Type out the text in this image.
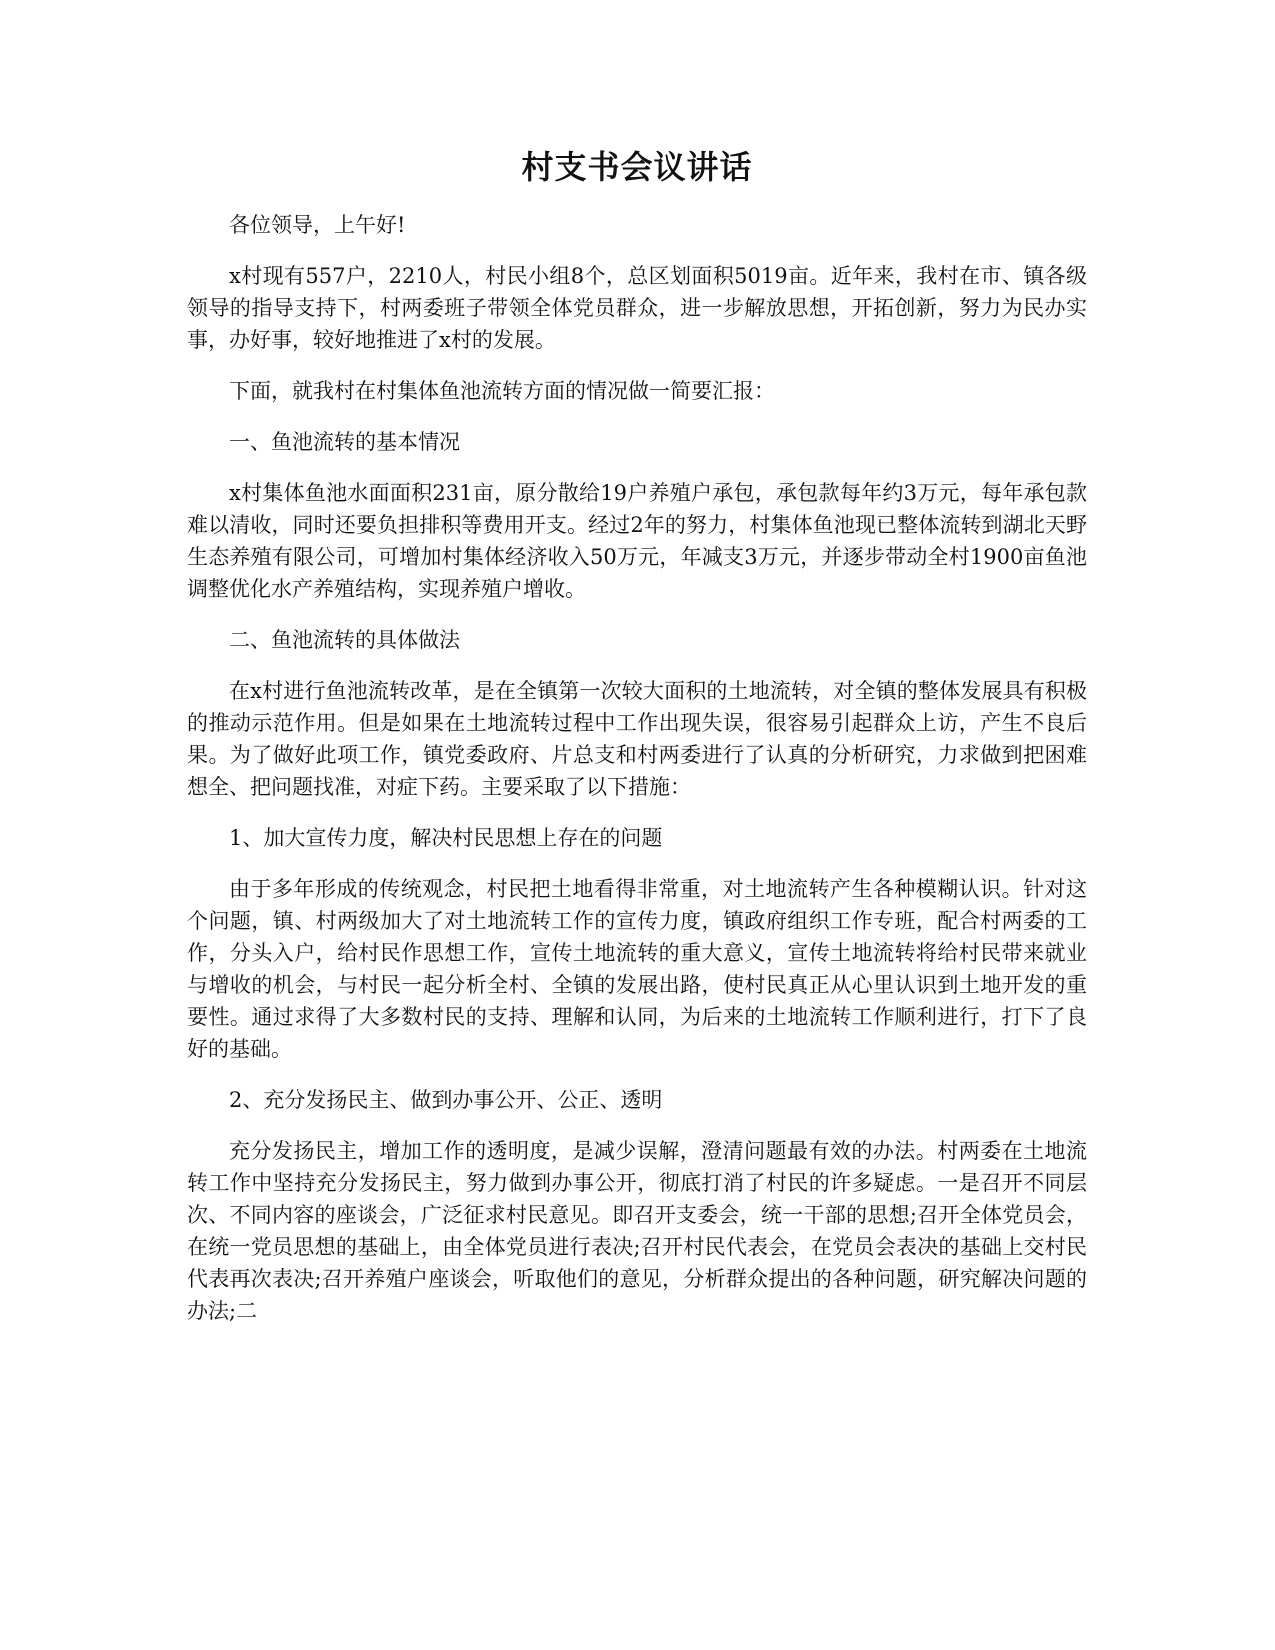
村支书会议讲话

各位领导，上午好!

x村现有557户，2210人，村民小组8个，总区划面积5019亩。近年来，我村在市、镇各级领导的指导支持下，村两委班子带领全体党员群众，进一步解放思想，开拓创新，努力为民办实事，办好事，较好地推进了x村的发展。

下面，就我村在村集体鱼池流转方面的情况做一简要汇报：

一、鱼池流转的基本情况

x村集体鱼池水面面积231亩，原分散给19户养殖户承包，承包款每年约3万元，每年承包款难以清收，同时还要负担排积等费用开支。经过2年的努力，村集体鱼池现已整体流转到湖北天野生态养殖有限公司，可增加村集体经济收入50万元，年减支3万元，并逐步带动全村1900亩鱼池调整优化水产养殖结构，实现养殖户增收。

二、鱼池流转的具体做法

在x村进行鱼池流转改革，是在全镇第一次较大面积的土地流转，对全镇的整体发展具有积极的推动示范作用。但是如果在土地流转过程中工作出现失误，很容易引起群众上访，产生不良后果。为了做好此项工作，镇党委政府、片总支和村两委进行了认真的分析研究，力求做到把困难想全、把问题找准，对症下药。主要采取了以下措施：

1、加大宣传力度，解决村民思想上存在的问题

由于多年形成的传统观念，村民把土地看得非常重，对土地流转产生各种模糊认识。针对这个问题，镇、村两级加大了对土地流转工作的宣传力度，镇政府组织工作专班，配合村两委的工作，分头入户，给村民作思想工作，宣传土地流转的重大意义，宣传土地流转将给村民带来就业与增收的机会，与村民一起分析全村、全镇的发展出路，使村民真正从心里认识到土地开发的重要性。通过求得了大多数村民的支持、理解和认同，为后来的土地流转工作顺利进行，打下了良好的基础。

2、充分发扬民主、做到办事公开、公正、透明

充分发扬民主，增加工作的透明度，是减少误解，澄清问题最有效的办法。村两委在土地流转工作中坚持充分发扬民主，努力做到办事公开，彻底打消了村民的许多疑虑。一是召开不同层次、不同内容的座谈会，广泛征求村民意见。即召开支委会，统一干部的思想;召开全体党员会，在统一党员思想的基础上，由全体党员进行表决;召开村民代表会，在党员会表决的基础上交村民代表再次表决;召开养殖户座谈会，听取他们的意见，分析群众提出的各种问题，研究解决问题的办法;二
